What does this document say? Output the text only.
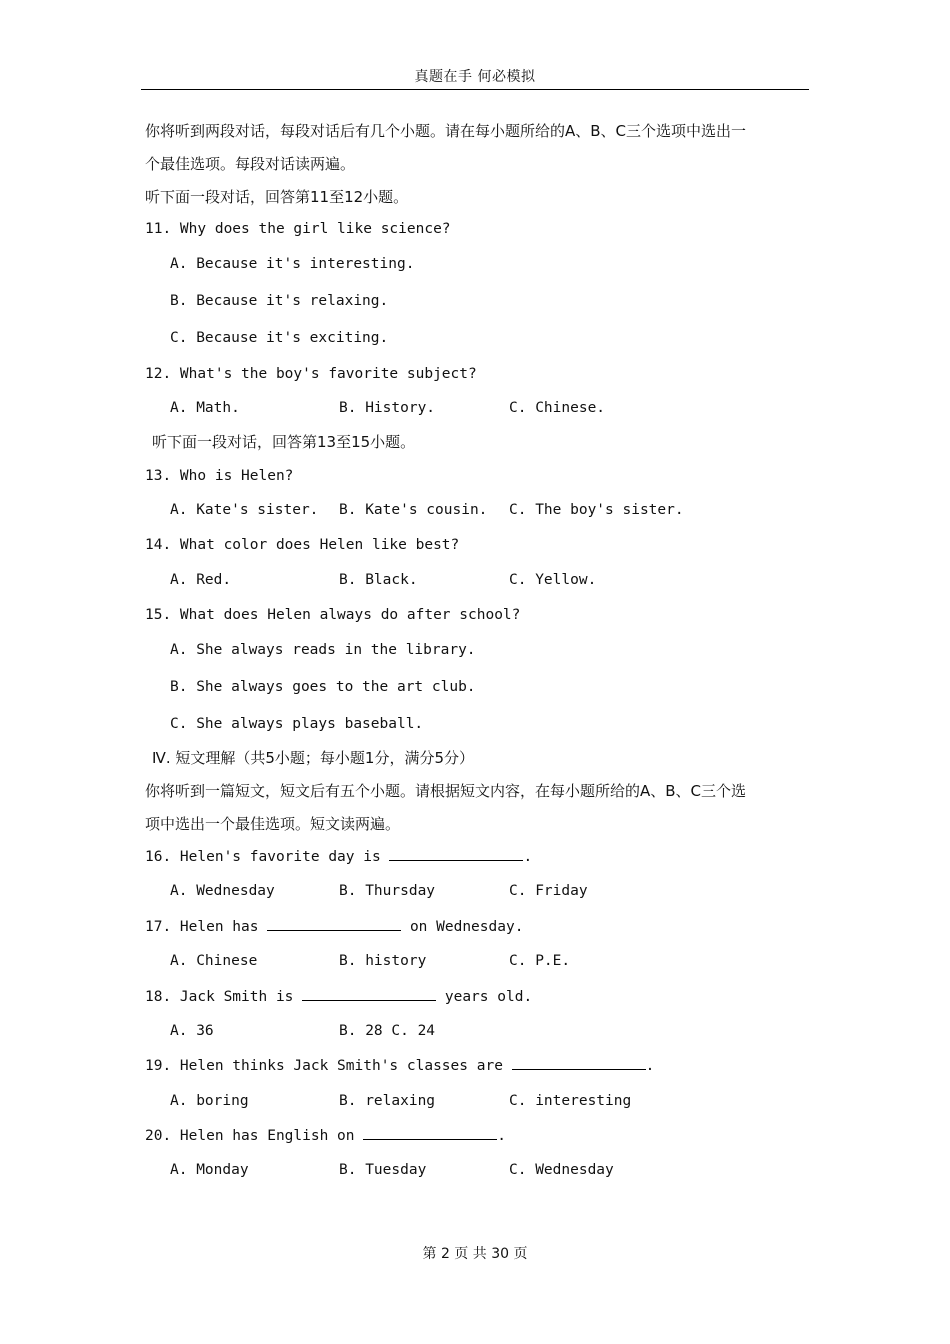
真题在手 何必模拟
你将听到两段对话，每段对话后有几个小题。请在每小题所给的A、B、C三个选项中选出一
个最佳选项。每段对话读两遍。
听下面一段对话，回答第11至12小题。
11. Why does the girl like science?
A. Because it's interesting.
B. Because it's relaxing.
C. Because it's exciting.
12. What's the boy's favorite subject?
A. Math.	B. History.	C. Chinese.
听下面一段对话，回答第13至15小题。
13. Who is Helen?
A. Kate's sister. B. Kate's cousin. C. The boy's sister.
14. What color does Helen like best?
A. Red.	B. Black.	C. Yellow.
15. What does Helen always do after school?
A. She always reads in the library.
B. She always goes to the art club.
C. She always plays baseball.
Ⅳ. 短文理解（共5小题；每小题1分，满分5分）
你将听到一篇短文，短文后有五个小题。请根据短文内容，在每小题所给的A、B、C三个选
项中选出一个最佳选项。短文读两遍。
16. Helen's favorite day is	.
A. Wednesday	B. Thursday	C. Friday
17. Helen has	on Wednesday.
A. Chinese	B. history	C. P.E.
18. Jack Smith is	years old.
A. 36	B. 28 C. 24
19. Helen thinks Jack Smith's classes are	.
A. boring	B. relaxing	C. interesting
20. Helen has English on	.
A. Monday	B. Tuesday	C. Wednesday
第 2 页 共 30 页
